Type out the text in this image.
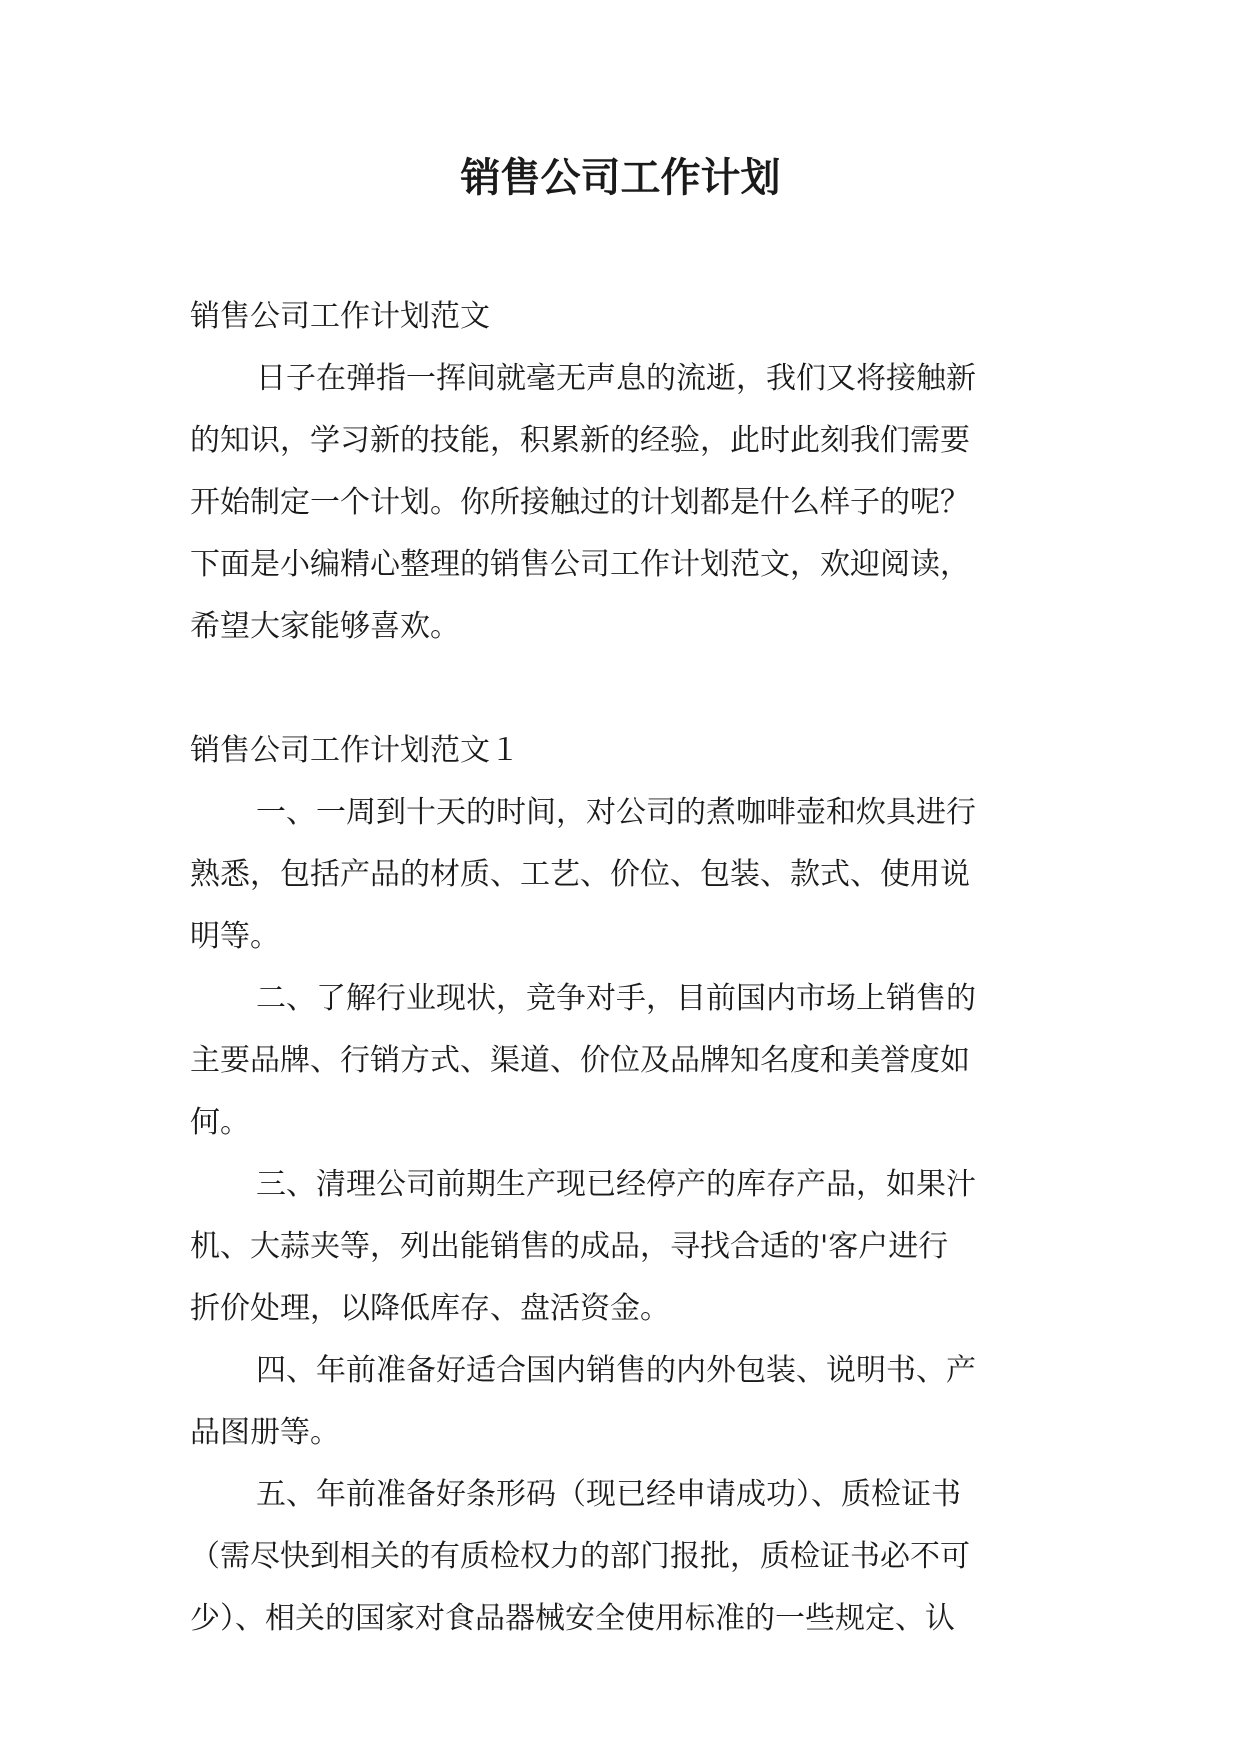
销售公司工作计划
销售公司工作计划范文
日子在弹指一挥间就毫无声息的流逝，我们又将接触新
的知识，学习新的技能，积累新的经验，此时此刻我们需要
开始制定一个计划。你所接触过的计划都是什么样子的呢？
下面是小编精心整理的销售公司工作计划范文，欢迎阅读，
希望大家能够喜欢。
销售公司工作计划范文１
一、一周到十天的时间，对公司的煮咖啡壶和炊具进行
熟悉，包括产品的材质、工艺、价位、包装、款式、使用说
明等。
二、了解行业现状，竞争对手，目前国内市场上销售的
主要品牌、行销方式、渠道、价位及品牌知名度和美誉度如
何。
三、清理公司前期生产现已经停产的库存产品，如果汁
机、大蒜夹等，列出能销售的成品，寻找合适的'客户进行
折价处理，以降低库存、盘活资金。
四、年前准备好适合国内销售的内外包装、说明书、产
品图册等。
五、年前准备好条形码（现已经申请成功）、质检证书
（需尽快到相关的有质检权力的部门报批，质检证书必不可
少）、相关的国家对食品器械安全使用标准的一些规定、认
